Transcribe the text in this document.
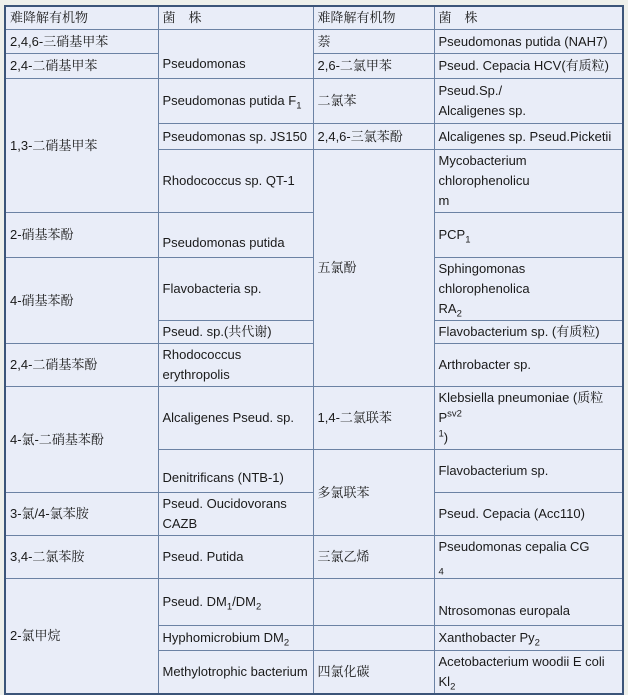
难降解有机物	菌　株	难降解有机物	菌　株
2,4,6-三硝基甲苯	Pseudomonas	萘	Pseudomonas putida (NAH7)
2,4-二硝基甲苯		2,6-二氯甲苯	Pseud. Cepacia HCV(有质粒)
1,3-二硝基甲苯	Pseudomonas putida $F_1$	二氯苯	Pseud.Sp./
Alcaligenes sp.
	Pseudomonas sp. JS150	2,4,6-三氯苯酚	Alcaligenes sp. Pseud.Picketii
	Rhodococcus sp. QT-1	五氯酚	Mycobacterium chlorophenolicu
m
2-硝基苯酚	Pseudomonas putida		$PCP_1$
4-硝基苯酚	Flavobacteria sp.		Sphingomonas chlorophenolica
$RA_2$
	Pseud. sp.(共代谢)		Flavobacterium sp. (有质粒)
2,4-二硝基苯酚	Rhodococcus erythropolis		Arthrobacter sp.
4-氯-二硝基苯酚	Alcaligenes Pseud. sp.	1,4-二氯联苯	Klebsiella pneumoniae (质粒$P^{sv2}$
$^1$)
	Denitrificans (NTB-1)	多氯联苯	Flavobacterium sp.
3-氯/4-氯苯胺	Pseud. Oucidovorans CAZB		Pseud. Cepacia (Acc110)
3,4-二氯苯胺	Pseud. Putida	三氯乙烯	Pseudomonas cepalia CG
$_4$
2-氯甲烷	Pseud. $DM_1/DM_2$		Ntrosomonas europala
	Hyphomicrobium $DM_2$		Xanthobacter $Py_2$
	Methylotrophic bacterium	四氯化碳	Acetobacterium woodii E coli $Kl_2$
